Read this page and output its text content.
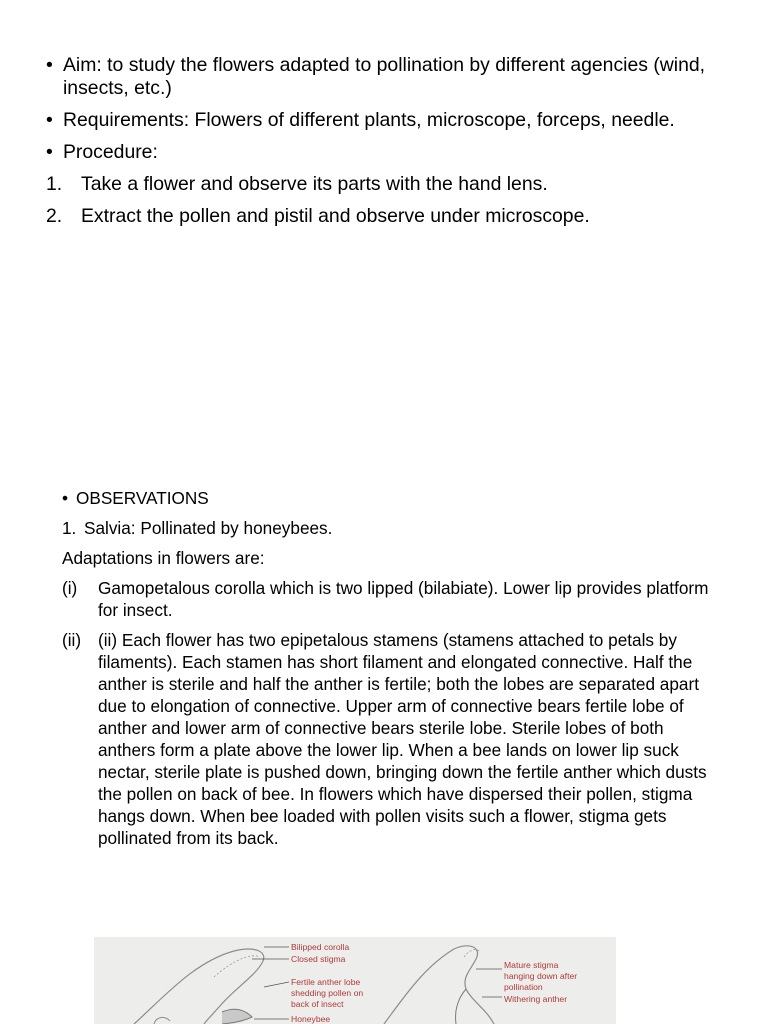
• Aim: to study the flowers adapted to pollination by different agencies (wind, insects, etc.)
• Requirements: Flowers of different plants, microscope, forceps, needle.
• Procedure:
1. Take a flower and observe its parts with the hand lens.
2. Extract the pollen and pistil and observe under microscope.
• OBSERVATIONS
1. Salvia: Pollinated by honeybees.
Adaptations in flowers are:
(i)	Gamopetalous corolla which is two lipped (bilabiate). Lower lip provides platform for insect.
(ii) (ii) Each flower has two epipetalous stamens (stamens attached to petals by filaments). Each stamen has short filament and elongated connective. Half the anther is sterile and half the anther is fertile; both the lobes are separated apart due to elongation of connective. Upper arm of connective bears fertile lobe of anther and lower arm of connective bears sterile lobe. Sterile lobes of both anthers form a plate above the lower lip. When a bee lands on lower lip suck nectar, sterile plate is pushed down, bringing down the fertile anther which dusts the pollen on back of bee. In flowers which have dispersed their pollen, stigma hangs down. When bee loaded with pollen visits such a flower, stigma gets pollinated from its back.
Bilipped corolla
Closed stigma
Fertile anther lobe
shedding pollen on
back of insect
Honeybee
Mature stigma
hanging down after
pollination
Withering anther
